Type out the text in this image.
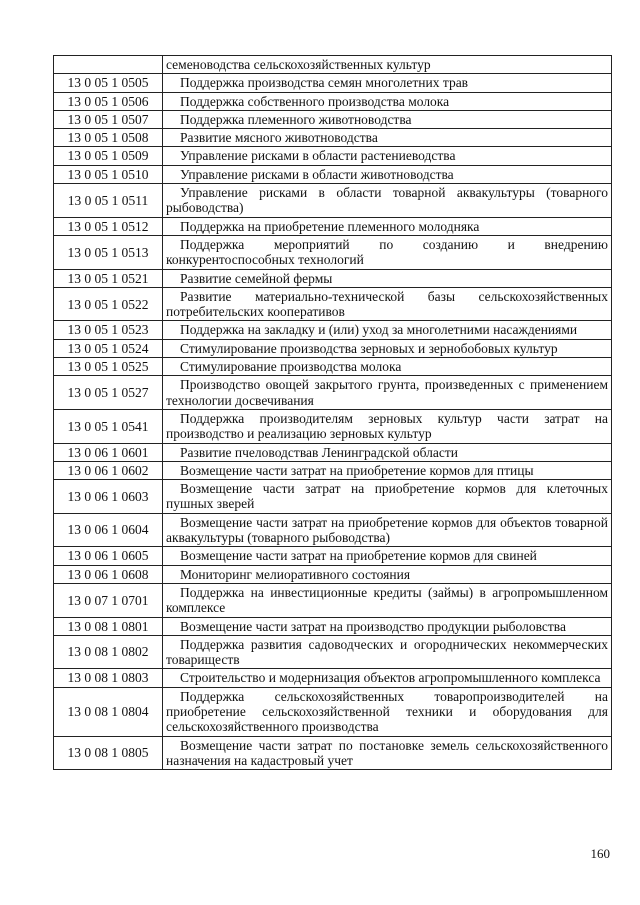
	семеноводства сельскохозяйственных культур
13 0 05 1 0505	Поддержка производства семян многолетних трав
13 0 05 1 0506	Поддержка собственного производства молока
13 0 05 1 0507	Поддержка племенного животноводства
13 0 05 1 0508	Развитие мясного животноводства
13 0 05 1 0509	Управление рисками в области растениеводства
13 0 05 1 0510	Управление рисками в области животноводства
13 0 05 1 0511	Управление рисками в области товарной аквакультуры (товарного рыбоводства)
13 0 05 1 0512	Поддержка на приобретение племенного молодняка
13 0 05 1 0513	Поддержка мероприятий по созданию и внедрению конкурентоспособных технологий
13 0 05 1 0521	Развитие семейной фермы
13 0 05 1 0522	Развитие материально-технической базы сельскохозяйственных потребительских кооперативов
13 0 05 1 0523	Поддержка на закладку и (или) уход за многолетними насаждениями
13 0 05 1 0524	Стимулирование производства зерновых и зернобобовых культур
13 0 05 1 0525	Стимулирование производства молока
13 0 05 1 0527	Производство овощей закрытого грунта, произведенных с применением технологии досвечивания
13 0 05 1 0541	Поддержка производителям зерновых культур части затрат на производство и реализацию зерновых культур
13 0 06 1 0601	Развитие пчеловодствав Ленинградской области
13 0 06 1 0602	Возмещение части затрат на приобретение кормов для птицы
13 0 06 1 0603	Возмещение части затрат на приобретение кормов для клеточных пушных зверей
13 0 06 1 0604	Возмещение части затрат на приобретение кормов для объектов товарной аквакультуры (товарного рыбоводства)
13 0 06 1 0605	Возмещение части затрат на приобретение кормов для свиней
13 0 06 1 0608	Мониторинг мелиоративного состояния
13 0 07 1 0701	Поддержка на инвестиционные кредиты (займы) в агропромышленном комплексе
13 0 08 1 0801	Возмещение части затрат на производство продукции рыболовства
13 0 08 1 0802	Поддержка развития садоводческих и огороднических некоммерческих товариществ
13 0 08 1 0803	Строительство и модернизация объектов агропромышленного комплекса
13 0 08 1 0804	Поддержка сельскохозяйственных товаропроизводителей на приобретение сельскохозяйственной техники и оборудования для сельскохозяйственного производства
13 0 08 1 0805	Возмещение части затрат по постановке земель сельскохозяйственного назначения на кадастровый учет
160
